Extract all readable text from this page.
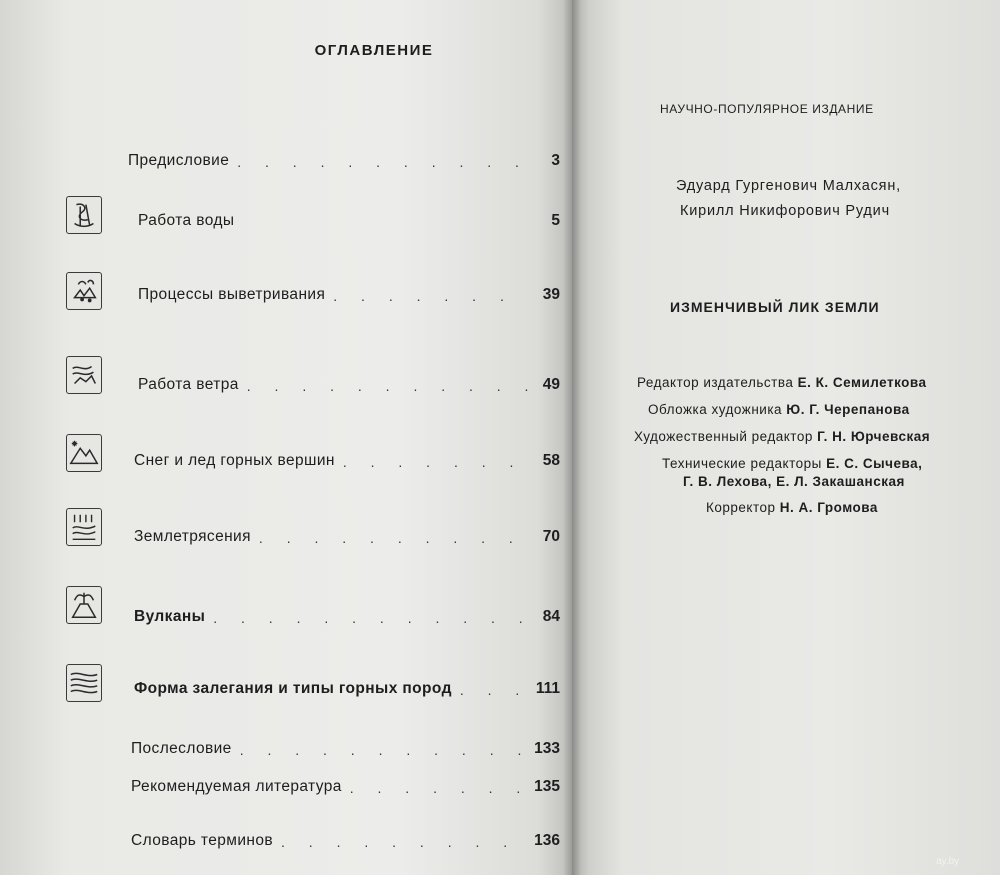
ОГЛАВЛЕНИЕ
Предисловие . . .	3
Работа воды	5
Процессы выветривания . . .	39
Работа ветра . . .	49
Снег и лед горных вершин . . .	58
Землетрясения . . .	70
Вулканы . . .	84
Форма залегания и типы горных пород . . .	111
Послесловие . . .	133
Рекомендуемая литература . . .	135
Словарь терминов . . .	136
НАУЧНО-ПОПУЛЯРНОЕ ИЗДАНИЕ
Эдуард Гургенович Малхасян,
Кирилл Никифорович Рудич
ИЗМЕНЧИВЫЙ ЛИК ЗЕМЛИ
Редактор издательства Е. К. Семилеткова
Обложка художника Ю. Г. Черепанова
Художественный редактор Г. Н. Юрчевская
Технические редакторы Е. С. Сычева,
Г. В. Лехова, Е. Л. Закашанская
Корректор Н. А. Громова
ay.by
